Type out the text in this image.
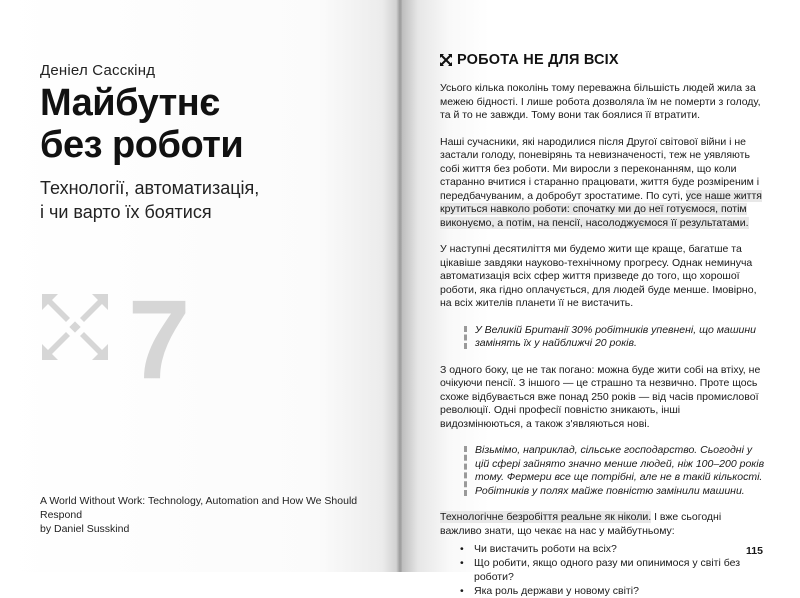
Деніел Сасскінд
Майбутнє
без роботи
Технології, автоматизація,
і чи варто їх боятися
7
A World Without Work: Technology, Automation and How We Should Respond
by Daniel Susskind
РОБОТА НЕ ДЛЯ ВСІХ

Усього кілька поколінь тому переважна більшість людей жила за межею бідності. І лише робота дозволяла їм не померти з голоду, та й то не завжди. Тому вони так боялися її втратити.

Наші сучасники, які народилися після Другої світової війни і не застали голоду, поневірянь та невизначеності, теж не уявляють собі життя без роботи. Ми виросли з переконанням, що коли старанно вчитися і старанно працювати, життя буде розміреним і передбачуваним, а добробут зростатиме. По суті, усе наше життя крутиться навколо роботи: спочатку ми до неї готуємося, потім виконуємо, а потім, на пенсії, насолоджуємося її результатами.

У наступні десятиліття ми будемо жити ще краще, багатше та цікавіше завдяки науково-технічному прогресу. Однак неминуча автоматизація всіх сфер життя призведе до того, що хорошої роботи, яка гідно оплачується, для людей буде менше. Імовірно, на всіх жителів планети її не вистачить.

У Великій Британії 30% робітників упевнені, що машини замінять їх у найближчі 20 років.

З одного боку, це не так погано: можна буде жити собі на втіху, не очікуючи пенсії. З іншого — це страшно та незвично. Проте щось схоже відбувається вже понад 250 років — від часів промислової революції. Одні професії повністю зникають, інші видозмінюються, а також з'являються нові.

Візьмімо, наприклад, сільське господарство. Сьогодні у цій сфері зайнято значно менше людей, ніж 100–200 років тому. Фермери все ще потрібні, але не в такій кількості. Робітників у полях майже повністю замінили машини.

Технологічне безробіття реальне як ніколи. І вже сьогодні важливо знати, що чекає на нас у майбутньому:

• Чи вистачить роботи на всіх?
• Що робити, якщо одного разу ми опинимося у світі без роботи?
• Яка роль держави у новому світі?
115
